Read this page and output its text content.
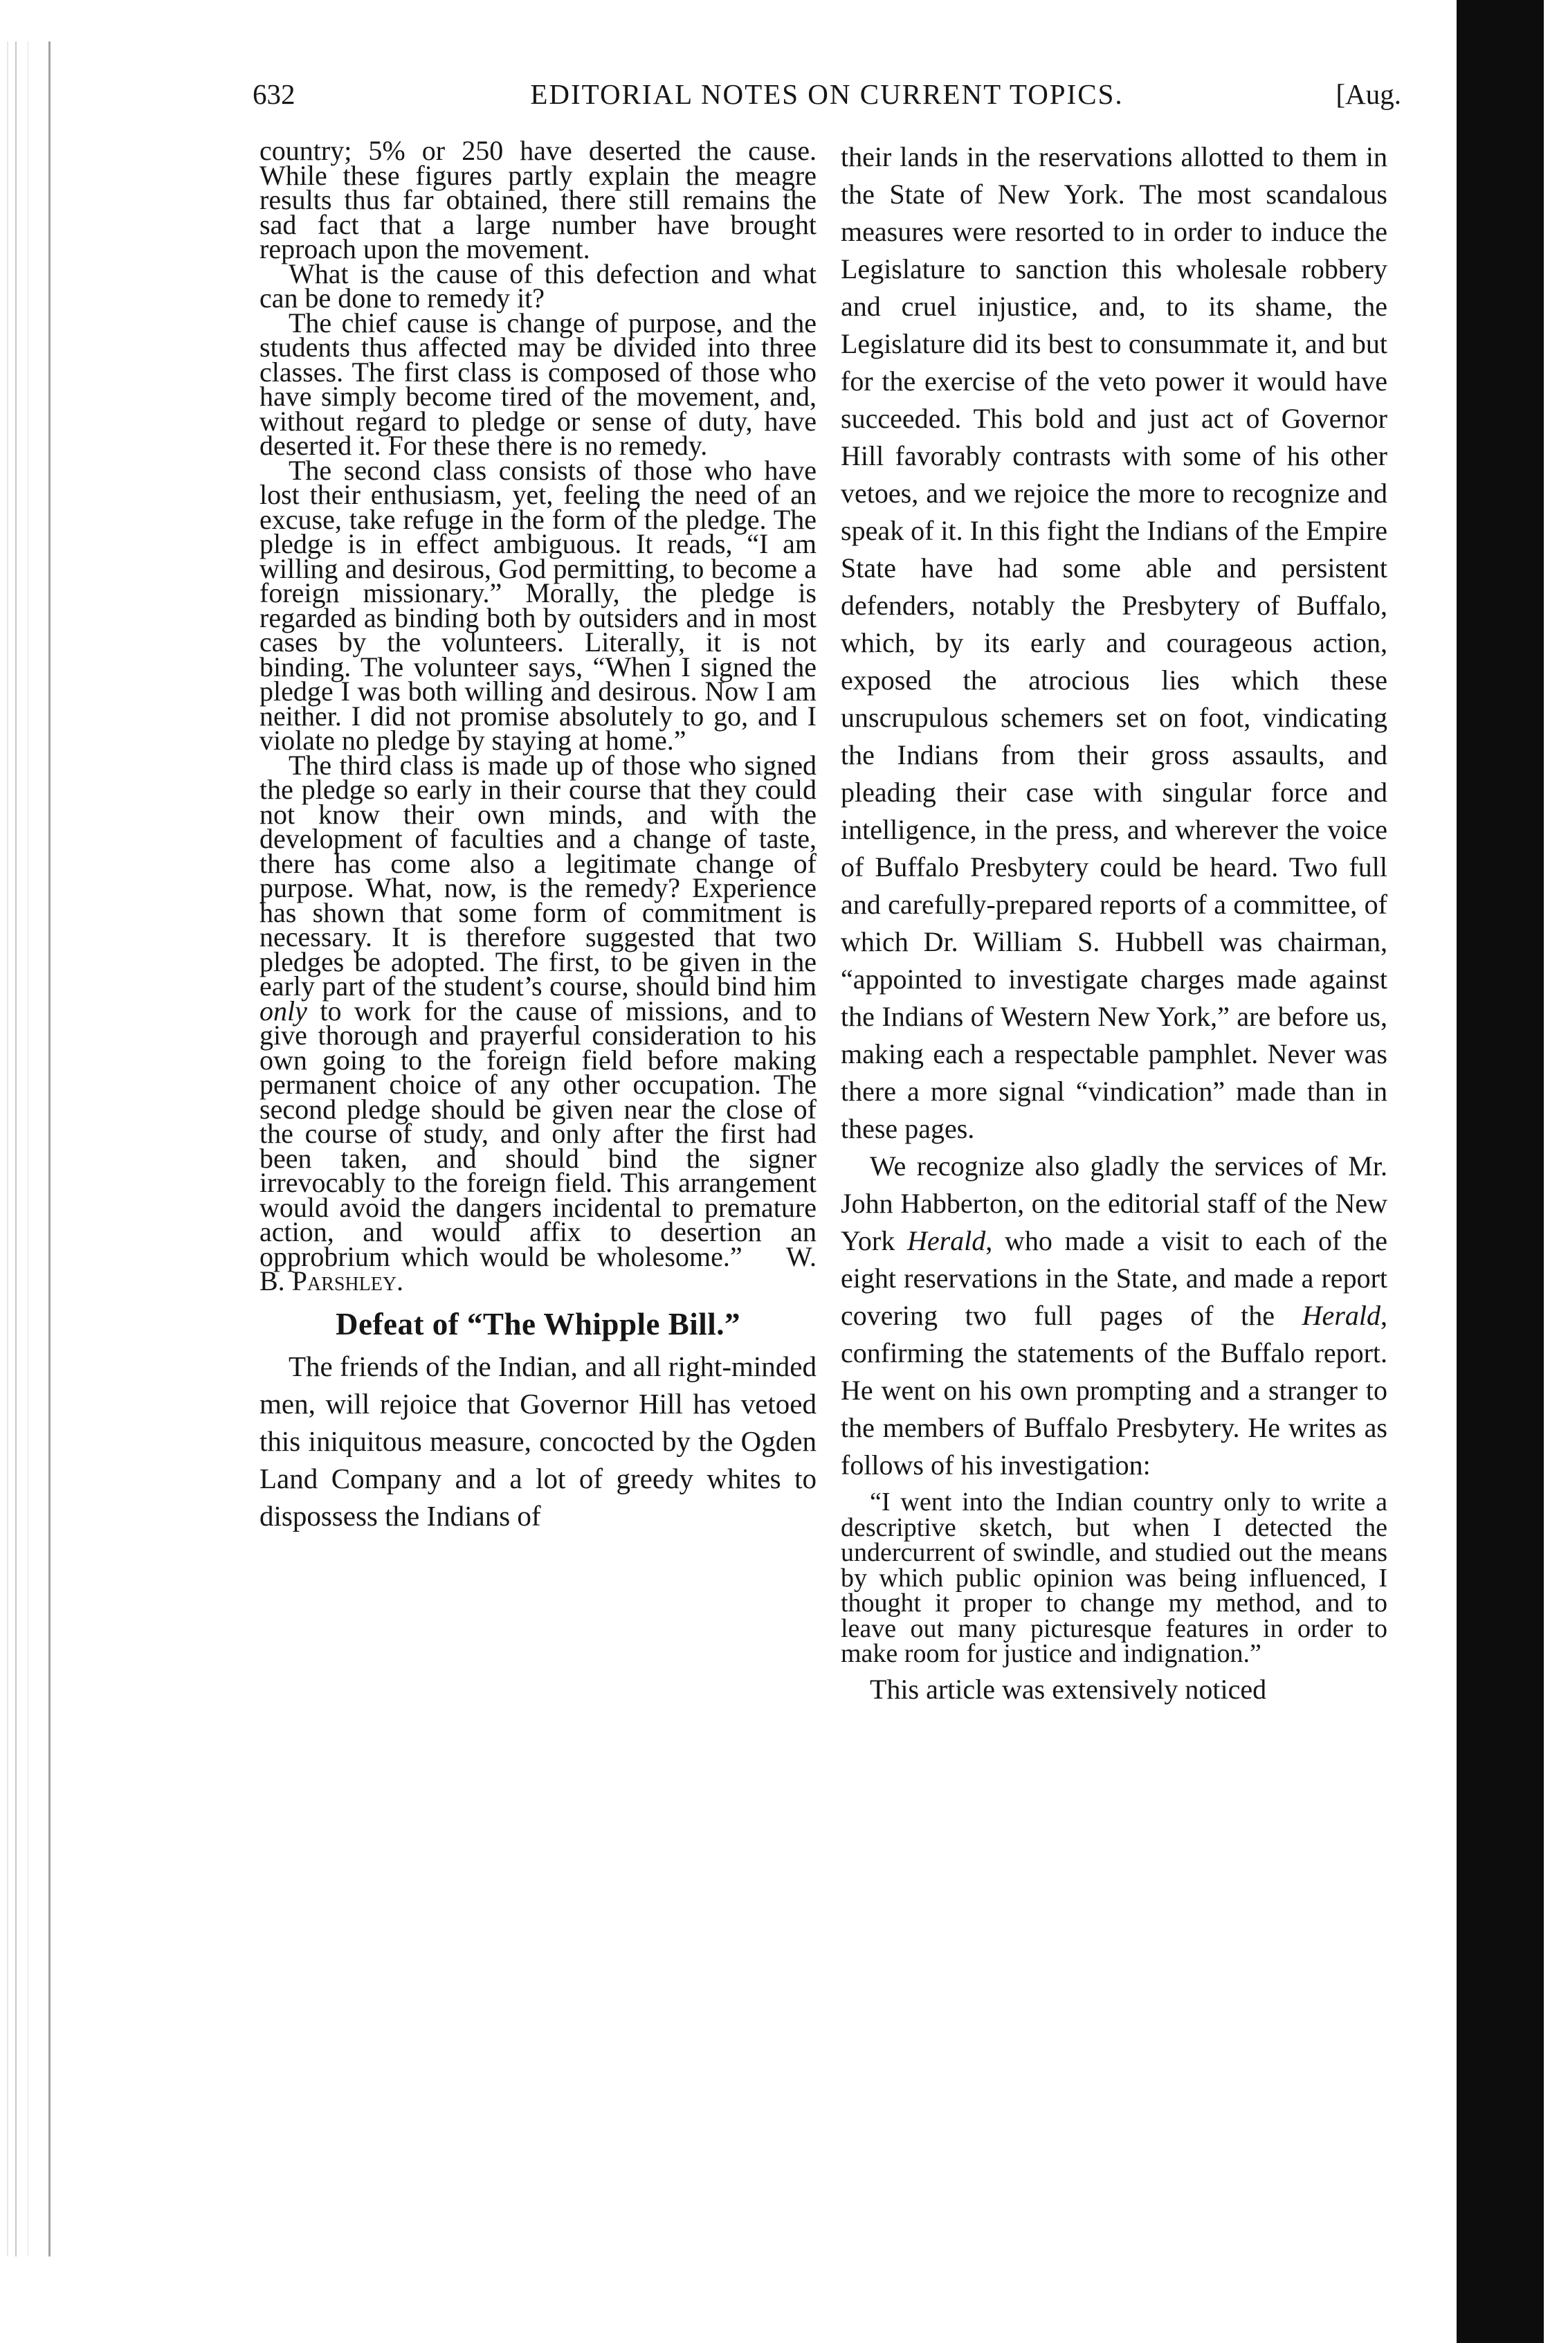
632	EDITORIAL NOTES ON CURRENT TOPICS.	[Aug.

country; 5% or 250 have deserted the cause. While these figures partly explain the meagre results thus far obtained, there still remains the sad fact that a large number have brought reproach upon the movement.

What is the cause of this defection and what can be done to remedy it?

The chief cause is change of purpose, and the students thus affected may be divided into three classes. The first class is composed of those who have simply become tired of the movement, and, without regard to pledge or sense of duty, have deserted it. For these there is no remedy.

The second class consists of those who have lost their enthusiasm, yet, feeling the need of an excuse, take refuge in the form of the pledge. The pledge is in effect ambiguous. It reads, “I am willing and desirous, God permitting, to become a foreign missionary.” Morally, the pledge is regarded as binding both by outsiders and in most cases by the volunteers. Literally, it is not binding. The volunteer says, “When I signed the pledge I was both willing and desirous. Now I am neither. I did not promise absolutely to go, and I violate no pledge by staying at home.”

The third class is made up of those who signed the pledge so early in their course that they could not know their own minds, and with the development of faculties and a change of taste, there has come also a legitimate change of purpose. What, now, is the remedy? Experience has shown that some form of commitment is necessary. It is therefore suggested that two pledges be adopted. The first, to be given in the early part of the student’s course, should bind him only to work for the cause of missions, and to give thorough and prayerful consideration to his own going to the foreign field before making permanent choice of any other occupation. The second pledge should be given near the close of the course of study, and only after the first had been taken, and should bind the signer irrevocably to the foreign field. This arrangement would avoid the dangers incidental to premature action, and would affix to desertion an opprobrium which would be wholesome.” W. B. Parshley.

Defeat of “The Whipple Bill.”

The friends of the Indian, and all right-minded men, will rejoice that Governor Hill has vetoed this iniquitous measure, concocted by the Ogden Land Company and a lot of greedy whites to dispossess the Indians of

their lands in the reservations allotted to them in the State of New York. The most scandalous measures were resorted to in order to induce the Legislature to sanction this wholesale robbery and cruel injustice, and, to its shame, the Legislature did its best to consummate it, and but for the exercise of the veto power it would have succeeded. This bold and just act of Governor Hill favorably contrasts with some of his other vetoes, and we rejoice the more to recognize and speak of it. In this fight the Indians of the Empire State have had some able and persistent defenders, notably the Presbytery of Buffalo, which, by its early and courageous action, exposed the atrocious lies which these unscrupulous schemers set on foot, vindicating the Indians from their gross assaults, and pleading their case with singular force and intelligence, in the press, and wherever the voice of Buffalo Presbytery could be heard. Two full and carefully-prepared reports of a committee, of which Dr. William S. Hubbell was chairman, “appointed to investigate charges made against the Indians of Western New York,” are before us, making each a respectable pamphlet. Never was there a more signal “vindication” made than in these pages.

We recognize also gladly the services of Mr. John Habberton, on the editorial staff of the New York Herald, who made a visit to each of the eight reservations in the State, and made a report covering two full pages of the Herald, confirming the statements of the Buffalo report. He went on his own prompting and a stranger to the members of Buffalo Presbytery. He writes as follows of his investigation:

“I went into the Indian country only to write a descriptive sketch, but when I detected the undercurrent of swindle, and studied out the means by which public opinion was being influenced, I thought it proper to change my method, and to leave out many picturesque features in order to make room for justice and indignation.”

This article was extensively noticed
